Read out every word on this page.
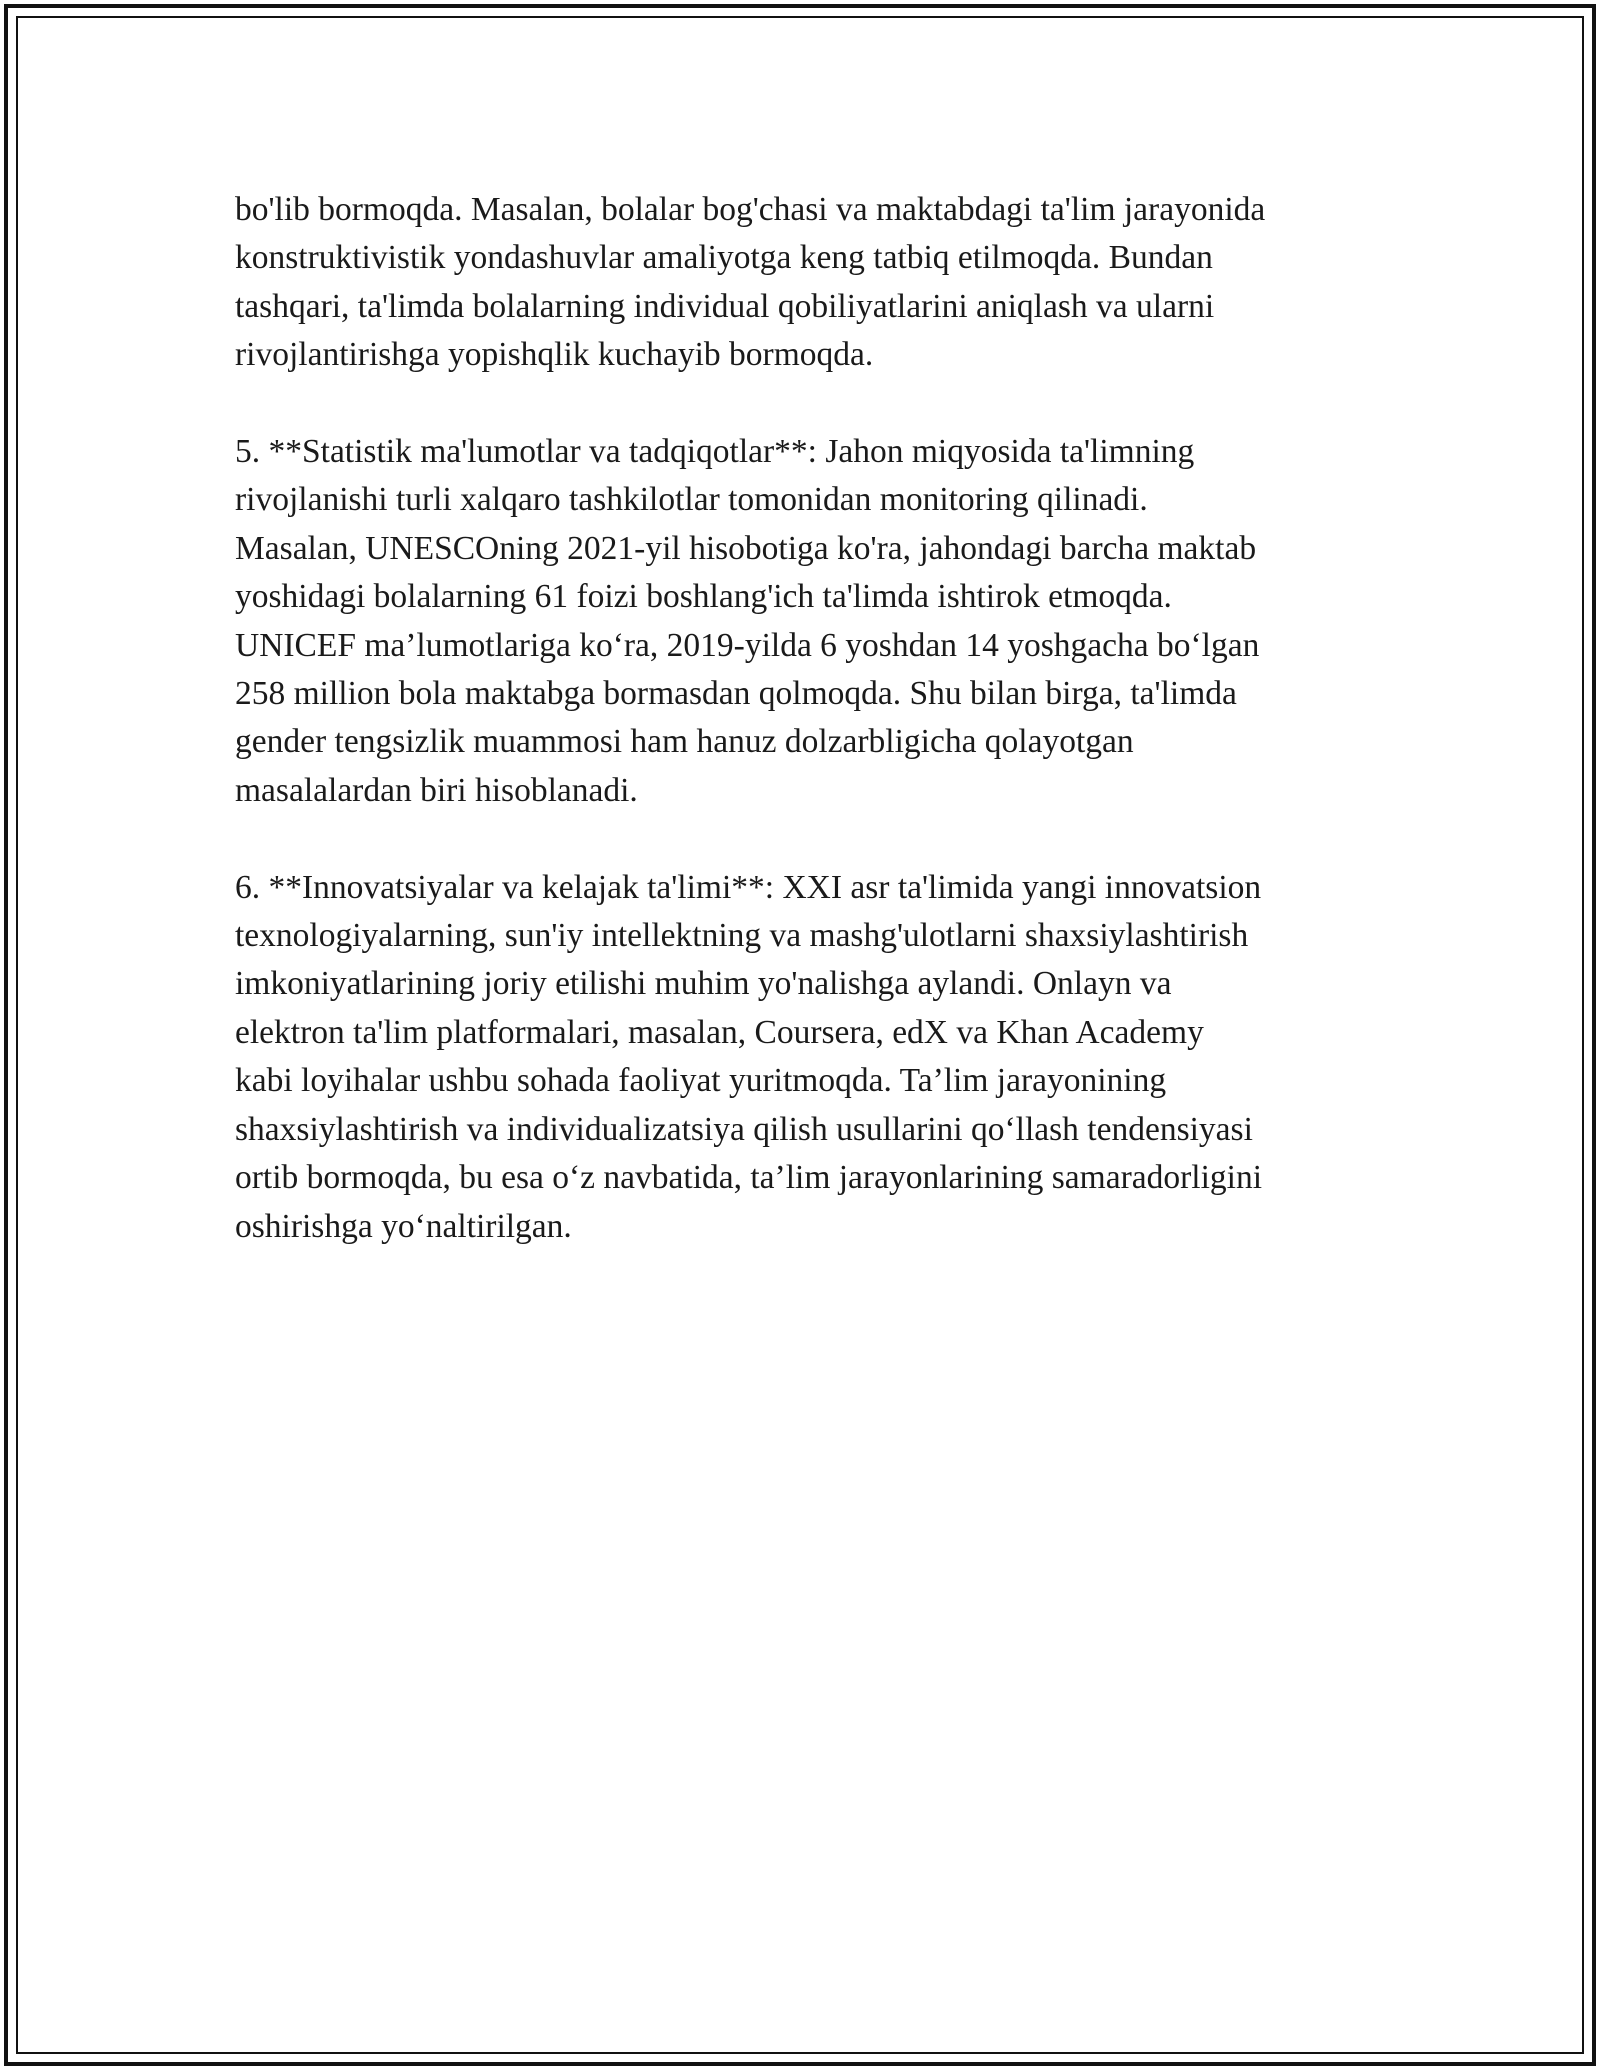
bo'lib bormoqda. Masalan, bolalar bog'chasi va maktabdagi ta'lim jarayonida
konstruktivistik yondashuvlar amaliyotga keng tatbiq etilmoqda. Bundan
tashqari, ta'limda bolalarning individual qobiliyatlarini aniqlash va ularni
rivojlantirishga yopishqlik kuchayib bormoqda.

5. **Statistik ma'lumotlar va tadqiqotlar**: Jahon miqyosida ta'limning
rivojlanishi turli xalqaro tashkilotlar tomonidan monitoring qilinadi.
Masalan, UNESCOning 2021-yil hisobotiga ko'ra, jahondagi barcha maktab
yoshidagi bolalarning 61 foizi boshlang'ich ta'limda ishtirok etmoqda.
UNICEF ma’lumotlariga ko‘ra, 2019-yilda 6 yoshdan 14 yoshgacha bo‘lgan
258 million bola maktabga bormasdan qolmoqda. Shu bilan birga, ta'limda
gender tengsizlik muammosi ham hanuz dolzarbligicha qolayotgan
masalalardan biri hisoblanadi.

6. **Innovatsiyalar va kelajak ta'limi**: XXI asr ta'limida yangi innovatsion
texnologiyalarning, sun'iy intellektning va mashg'ulotlarni shaxsiylashtirish
imkoniyatlarining joriy etilishi muhim yo'nalishga aylandi. Onlayn va
elektron ta'lim platformalari, masalan, Coursera, edX va Khan Academy
kabi loyihalar ushbu sohada faoliyat yuritmoqda. Ta’lim jarayonining
shaxsiylashtirish va individualizatsiya qilish usullarini qo‘llash tendensiyasi
ortib bormoqda, bu esa o‘z navbatida, ta’lim jarayonlarining samaradorligini
oshirishga yo‘naltirilgan.
